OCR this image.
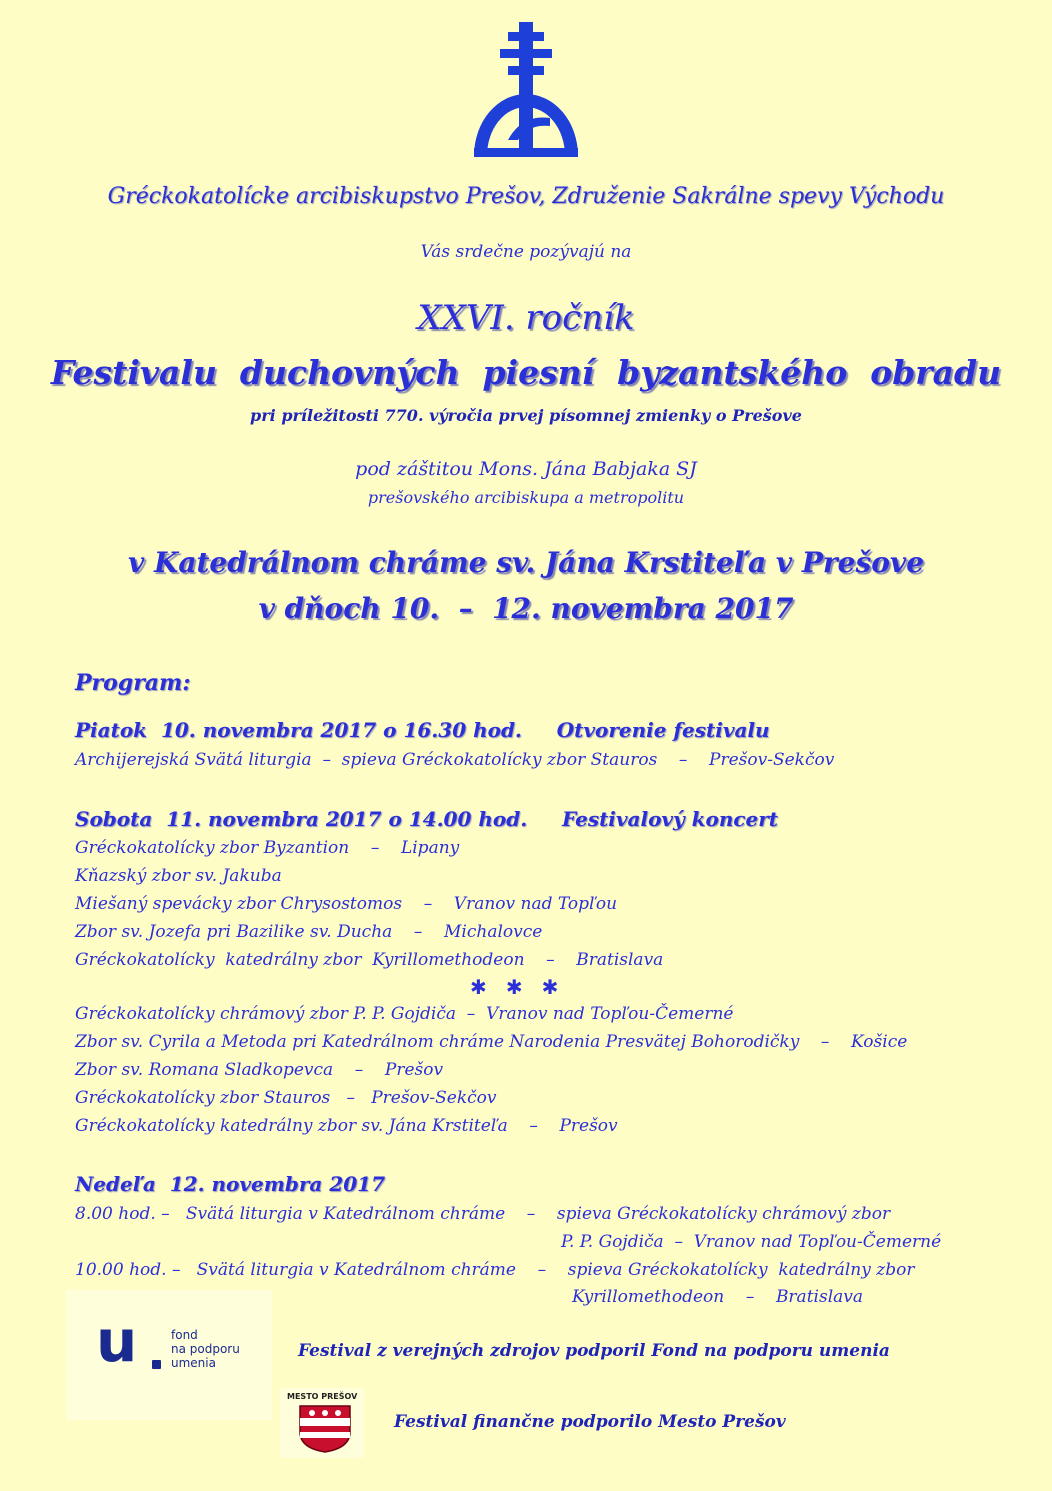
Gréckokatolícke arcibiskupstvo Prešov, Združenie Sakrálne spevy Východu
Vás srdečne pozývajú na
XXVI. ročník
Festivalu  duchovných  piesní  byzantského  obradu
pri príležitosti 770. výročia prvej písomnej zmienky o Prešove
pod záštitou Mons. Jána Babjaka SJ
prešovského arcibiskupa a metropolitu
v Katedrálnom chráme sv. Jána Krstiteľa v Prešove
v dňoch 10.  –  12. novembra 2017
Program:
Piatok  10. novembra 2017 o 16.30 hod.     Otvorenie festivalu
Archijerejská Svätá liturgia  –  spieva Gréckokatolícky zbor Stauros    –    Prešov-Sekčov
Sobota  11. novembra 2017 o 14.00 hod.     Festivalový koncert
Gréckokatolícky zbor Byzantion    –    Lipany
Kňazský zbor sv. Jakuba
Miešaný spevácky zbor Chrysostomos    –    Vranov nad Topľou
Zbor sv. Jozefa pri Bazilike sv. Ducha    –    Michalovce
Gréckokatolícky  katedrálny zbor  Kyrillomethodeon    –    Bratislava
✱   ✱   ✱
Gréckokatolícky chrámový zbor P. P. Gojdiča  –  Vranov nad Topľou-Čemerné
Zbor sv. Cyrila a Metoda pri Katedrálnom chráme Narodenia Presvätej Bohorodičky    –    Košice
Zbor sv. Romana Sladkopevca    –    Prešov
Gréckokatolícky zbor Stauros   –   Prešov-Sekčov
Gréckokatolícky katedrálny zbor sv. Jána Krstiteľa    –    Prešov
Nedeľa  12. novembra 2017
8.00 hod. –   Svätá liturgia v Katedrálnom chráme    –    spieva Gréckokatolícky chrámový zbor
P. P. Gojdiča  –  Vranov nad Topľou-Čemerné
10.00 hod. –   Svätá liturgia v Katedrálnom chráme    –    spieva Gréckokatolícky  katedrálny zbor
Kyrillomethodeon    –    Bratislava
u	fond
na podporu
umenia
Festival z verejných zdrojov podporil Fond na podporu umenia
MESTO PREŠOV
Festival finančne podporilo Mesto Prešov
